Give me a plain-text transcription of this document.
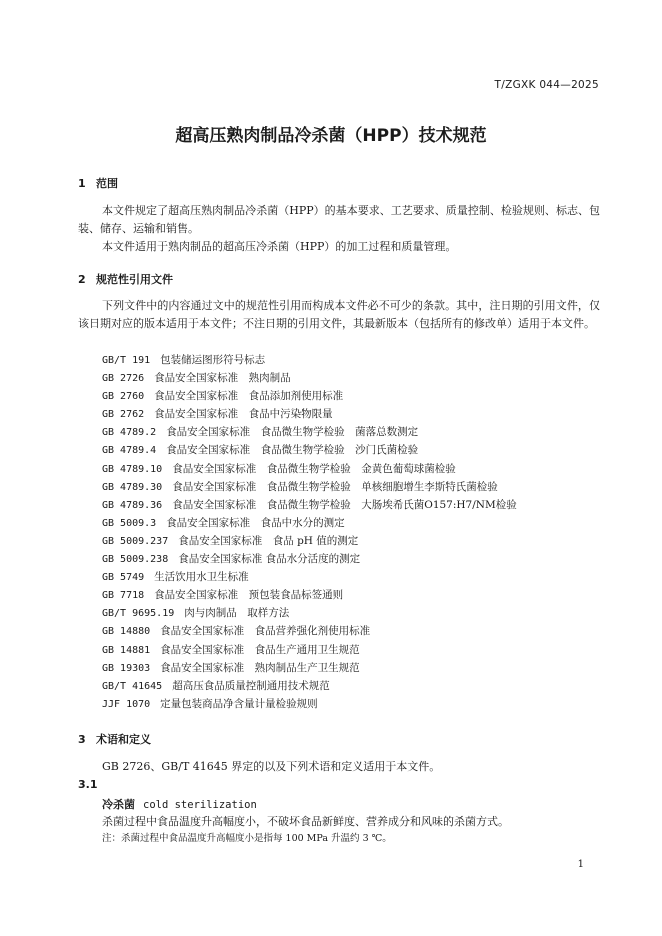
T/ZGXK 044—2025
超高压熟肉制品冷杀菌（HPP）技术规范
1 范围
本文件规定了超高压熟肉制品冷杀菌（HPP）的基本要求、工艺要求、质量控制、检验规则、标志、包装、储存、运输和销售。
本文件适用于熟肉制品的超高压冷杀菌（HPP）的加工过程和质量管理。
2 规范性引用文件
下列文件中的内容通过文中的规范性引用而构成本文件必不可少的条款。其中，注日期的引用文件，仅该日期对应的版本适用于本文件；不注日期的引用文件，其最新版本（包括所有的修改单）适用于本文件。
GB/T 191 包装储运图形符号标志
GB 2726 食品安全国家标准　熟肉制品
GB 2760 食品安全国家标准　食品添加剂使用标准
GB 2762 食品安全国家标准　食品中污染物限量
GB 4789.2 食品安全国家标准　食品微生物学检验　菌落总数测定
GB 4789.4 食品安全国家标准　食品微生物学检验　沙门氏菌检验
GB 4789.10 食品安全国家标准　食品微生物学检验　金黄色葡萄球菌检验
GB 4789.30 食品安全国家标准　食品微生物学检验　单核细胞增生李斯特氏菌检验
GB 4789.36 食品安全国家标准　食品微生物学检验　大肠埃希氏菌O157:H7/NM检验
GB 5009.3 食品安全国家标准　食品中水分的测定
GB 5009.237 食品安全国家标准　食品 pH 值的测定
GB 5009.238 食品安全国家标准 食品水分活度的测定
GB 5749 生活饮用水卫生标准
GB 7718 食品安全国家标准　预包装食品标签通则
GB/T 9695.19 肉与肉制品　取样方法
GB 14880 食品安全国家标准　食品营养强化剂使用标准
GB 14881 食品安全国家标准　食品生产通用卫生规范
GB 19303 食品安全国家标准　熟肉制品生产卫生规范
GB/T 41645 超高压食品质量控制通用技术规范
JJF 1070 定量包装商品净含量计量检验规则
3 术语和定义
GB 2726、GB/T 41645 界定的以及下列术语和定义适用于本文件。
3.1
冷杀菌 cold sterilization
杀菌过程中食品温度升高幅度小，不破坏食品新鲜度、营养成分和风味的杀菌方式。
注：杀菌过程中食品温度升高幅度小是指每 100 MPa 升温约 3 ℃。
1
